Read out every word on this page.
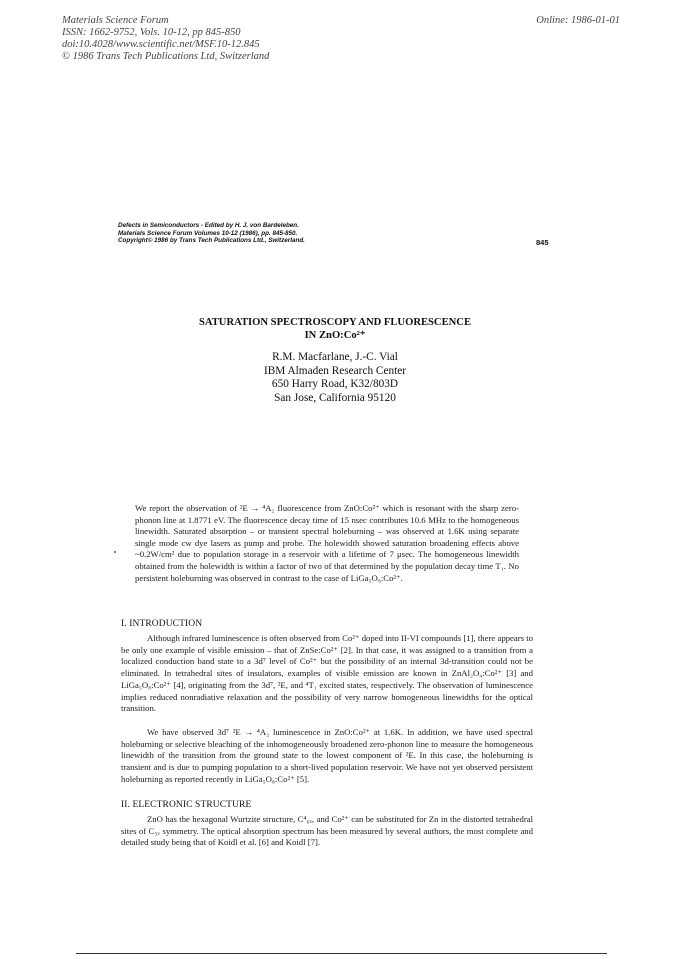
Materials Science Forum
ISSN: 1662-9752, Vols. 10-12, pp 845-850
doi:10.4028/www.scientific.net/MSF.10-12.845
© 1986 Trans Tech Publications Ltd, Switzerland
Online: 1986-01-01
Defects in Semiconductors - Edited by H. J. von Bardeleben.
Materials Science Forum Volumes 10-12 (1986), pp. 845-850.
Copyright© 1986 by Trans Tech Publications Ltd., Switzerland.	845
SATURATION SPECTROSCOPY AND FLUORESCENCE
IN ZnO:Co²⁺
R.M. Macfarlane, J.-C. Vial
IBM Almaden Research Center
650 Harry Road, K32/803D
San Jose, California 95120
We report the observation of ²E → ⁴A₂ fluorescence from ZnO:Co²⁺ which is resonant with the sharp zero-phonon line at 1.8771 eV. The fluorescence decay time of 15 nsec contributes 10.6 MHz to the homogeneous linewidth. Saturated absorption – or transient spectral holeburning – was observed at 1.6K using separate single mode cw dye lasers as pump and probe. The holewidth showed saturation broadening effects above ~0.2W/cm² due to population storage in a reservoir with a lifetime of 7 μsec. The homogeneous linewidth obtained from the holewidth is within a factor of two of that determined by the population decay time T₁. No persistent holeburning was observed in contrast to the case of LiGa₅O₈:Co²⁺.
I. INTRODUCTION
Although infrared luminescence is often observed from Co²⁺ doped into II-VI compounds [1], there appears to be only one example of visible emission – that of ZnSe:Co²⁺ [2]. In that case, it was assigned to a transition from a localized conduction band state to a 3d⁷ level of Co²⁺ but the possibility of an internal 3d-transition could not be eliminated. In tetrahedral sites of insulators, examples of visible emission are known in ZnAl₂O₄:Co²⁺ [3] and LiGa₅O₈:Co²⁺ [4], originating from the 3d⁷, ²E, and ⁴T₁ excited states, respectively. The observation of luminescence implies reduced nonradiative relaxation and the possibility of very narrow homogeneous linewidths for the optical transition.
We have observed 3d⁷ ²E → ⁴A₂ luminescence in ZnO:Co²⁺ at 1.6K. In addition, we have used spectral holeburning or selective bleaching of the inhomogeneously broadened zero-phonon line to measure the homogeneous linewidth of the transition from the ground state to the lowest component of ²E. In this case, the holeburning is transient and is due to pumping population to a short-lived population reservoir. We have not yet observed persistent holeburning as reported recently in LiGa₅O₈:Co²⁺ [5].
II. ELECTRONIC STRUCTURE
ZnO has the hexagonal Wurtzite structure, C⁴₆ᵥ, and Co²⁺ can be substituted for Zn in the distorted tetrahedral sites of C₃ᵥ symmetry. The optical absorption spectrum has been measured by several authors, the most complete and detailed study being that of Koidl et al. [6] and Koidl [7].
